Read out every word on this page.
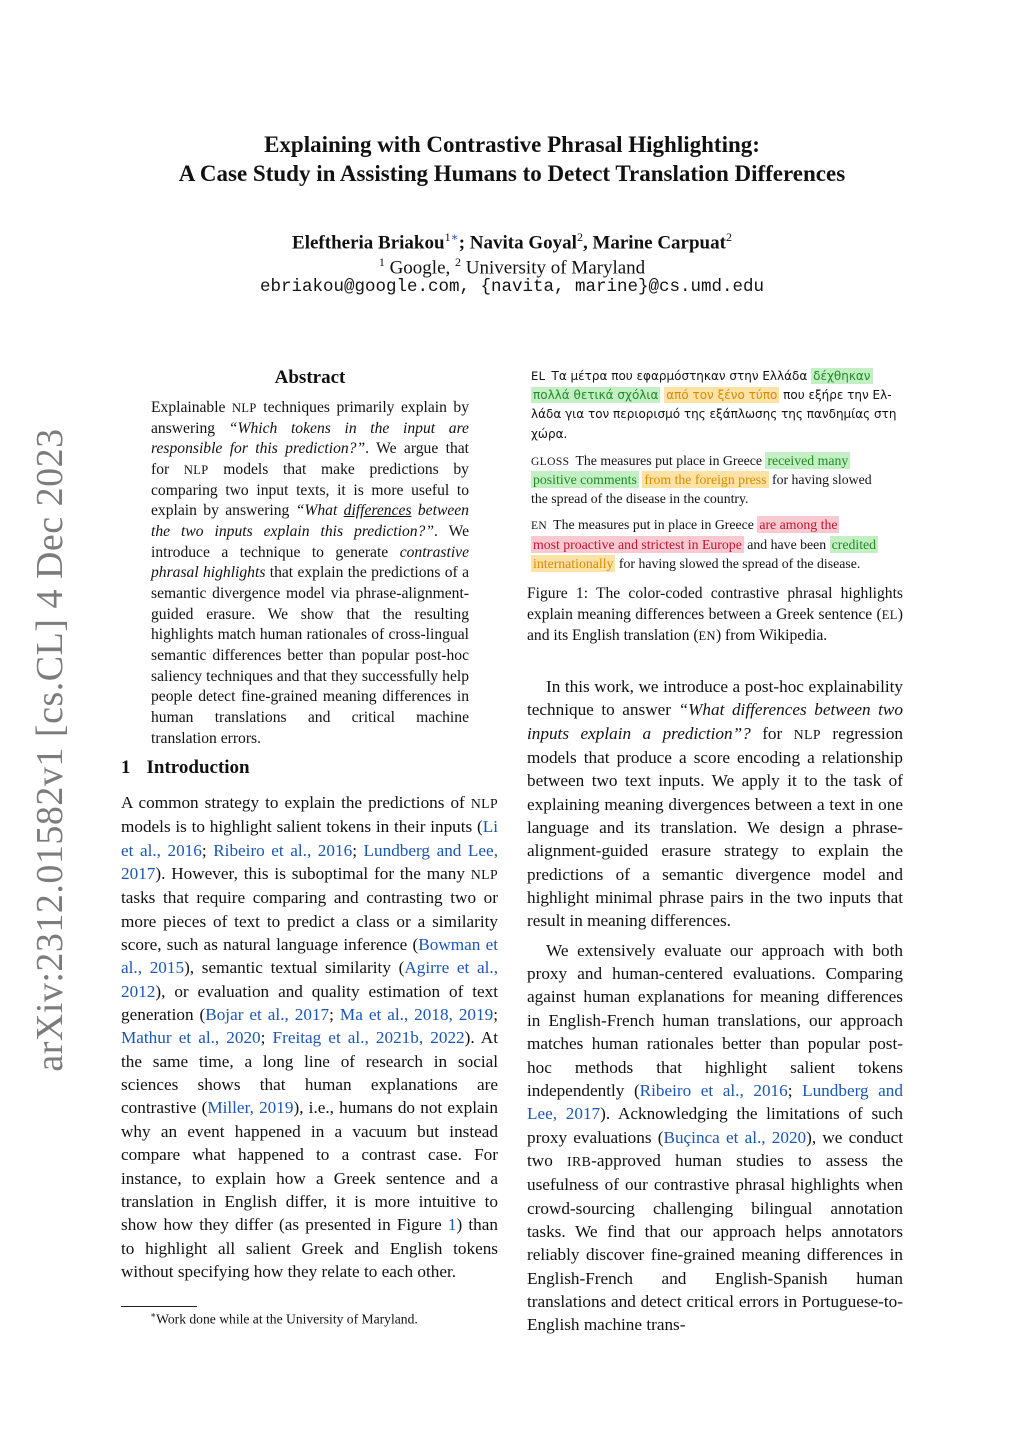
arXiv:2312.01582v1 [cs.CL] 4 Dec 2023
Explaining with Contrastive Phrasal Highlighting:
A Case Study in Assisting Humans to Detect Translation Differences
Eleftheria Briakou$^{1∗}$; Navita Goyal$^2$, Marine Carpuat$^2$
$^1$ Google, $^2$ University of Maryland
ebriakou@google.com, {navita, marine}@cs.umd.edu
Abstract
Explainable NLP techniques primarily explain by answering “Which tokens in the input are responsible for this prediction?”. We argue that for NLP models that make predictions by comparing two input texts, it is more useful to explain by answering “What differences between the two inputs explain this prediction?”. We introduce a technique to generate contrastive phrasal highlights that explain the predictions of a semantic divergence model via phrase-alignment-guided erasure. We show that the resulting highlights match human rationales of cross-lingual semantic differences better than popular post-hoc saliency techniques and that they successfully help people detect fine-grained meaning differences in human translations and critical machine translation errors.
1 Introduction

A common strategy to explain the predictions of NLP models is to highlight salient tokens in their inputs (Li et al., 2016; Ribeiro et al., 2016; Lundberg and Lee, 2017). However, this is suboptimal for the many NLP tasks that require comparing and contrasting two or more pieces of text to predict a class or a similarity score, such as natural language inference (Bowman et al., 2015), semantic textual similarity (Agirre et al., 2012), or evaluation and quality estimation of text generation (Bojar et al., 2017; Ma et al., 2018, 2019; Mathur et al., 2020; Freitag et al., 2021b, 2022). At the same time, a long line of research in social sciences shows that human explanations are contrastive (Miller, 2019), i.e., humans do not explain why an event happened in a vacuum but instead compare what happened to a contrast case. For instance, to explain how a Greek sentence and a translation in English differ, it is more intuitive to show how they differ (as presented in Figure 1) than to highlight all salient Greek and English tokens without specifying how they relate to each other.

∗Work done while at the University of Maryland.
EL Τα μέτρα που εφαρμόστηκαν στην Ελλάδα δέχθηκαν
πολλά θετικά σχόλια από τον ξένο τύπο που εξήρε την Ελ-
λάδα για τον περιορισμό της εξάπλωσης της πανδημίας στη
χώρα.
GLOSS The measures put place in Greece received many
positive comments from the foreign press for having slowed
the spread of the disease in the country.
EN The measures put in place in Greece are among the
most proactive and strictest in Europe and have been credited
internationally for having slowed the spread of the disease.
Figure 1: The color-coded contrastive phrasal highlights explain meaning differences between a Greek sentence (EL) and its English translation (EN) from Wikipedia.

In this work, we introduce a post-hoc explainability technique to answer “What differences between two inputs explain a prediction”? for NLP regression models that produce a score encoding a relationship between two text inputs. We apply it to the task of explaining meaning divergences between a text in one language and its translation. We design a phrase-alignment-guided erasure strategy to explain the predictions of a semantic divergence model and highlight minimal phrase pairs in the two inputs that result in meaning differences.

We extensively evaluate our approach with both proxy and human-centered evaluations. Comparing against human explanations for meaning differences in English-French human translations, our approach matches human rationales better than popular post-hoc methods that highlight salient tokens independently (Ribeiro et al., 2016; Lundberg and Lee, 2017). Acknowledging the limitations of such proxy evaluations (Buçinca et al., 2020), we conduct two IRB-approved human studies to assess the usefulness of our contrastive phrasal highlights when crowd-sourcing challenging bilingual annotation tasks. We find that our approach helps annotators reliably discover fine-grained meaning differences in English-French and English-Spanish human translations and detect critical errors in Portuguese-to-English machine trans-
